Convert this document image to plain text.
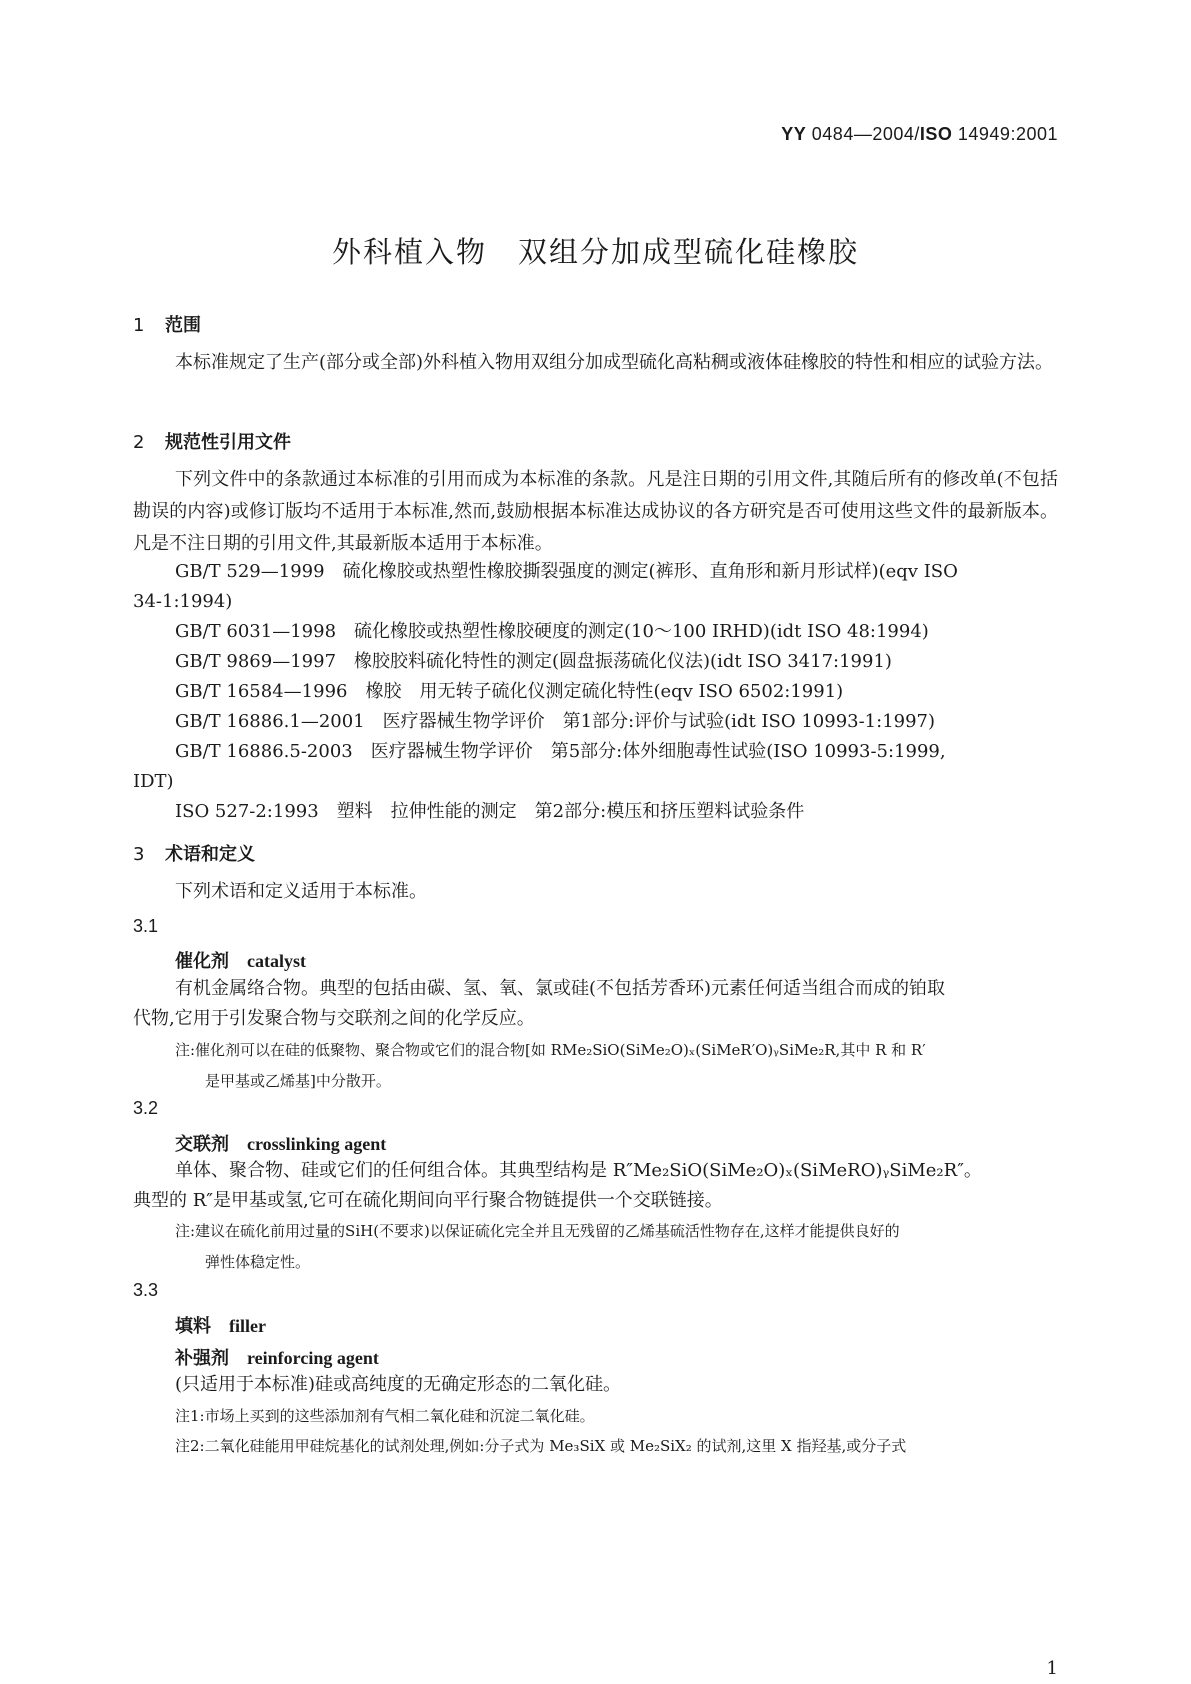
YY 0484—2004/ISO 14949:2001
外科植入物　双组分加成型硫化硅橡胶
1 范围
本标准规定了生产(部分或全部)外科植入物用双组分加成型硫化高粘稠或液体硅橡胶的特性和相应的试验方法。
2 规范性引用文件
下列文件中的条款通过本标准的引用而成为本标准的条款。凡是注日期的引用文件,其随后所有的修改单(不包括勘误的内容)或修订版均不适用于本标准,然而,鼓励根据本标准达成协议的各方研究是否可使用这些文件的最新版本。凡是不注日期的引用文件,其最新版本适用于本标准。
GB/T 529—1999　硫化橡胶或热塑性橡胶撕裂强度的测定(裤形、直角形和新月形试样)(eqv ISO
34-1:1994)
GB/T 6031—1998　硫化橡胶或热塑性橡胶硬度的测定(10～100 IRHD)(idt ISO 48:1994)
GB/T 9869—1997　橡胶胶料硫化特性的测定(圆盘振荡硫化仪法)(idt ISO 3417:1991)
GB/T 16584—1996　橡胶　用无转子硫化仪测定硫化特性(eqv ISO 6502:1991)
GB/T 16886.1—2001　医疗器械生物学评价　第1部分:评价与试验(idt ISO 10993-1:1997)
GB/T 16886.5-2003　医疗器械生物学评价　第5部分:体外细胞毒性试验(ISO 10993-5:1999,
IDT)
ISO 527-2:1993　塑料　拉伸性能的测定　第2部分:模压和挤压塑料试验条件
3 术语和定义
下列术语和定义适用于本标准。
3.1
催化剂 catalyst
有机金属络合物。典型的包括由碳、氢、氧、氯或硅(不包括芳香环)元素任何适当组合而成的铂取
代物,它用于引发聚合物与交联剂之间的化学反应。
注:催化剂可以在硅的低聚物、聚合物或它们的混合物[如 RMe₂SiO(SiMe₂O)ₓ(SiMeR′O)ᵧSiMe₂R,其中 R 和 R′
是甲基或乙烯基]中分散开。
3.2
交联剂 crosslinking agent
单体、聚合物、硅或它们的任何组合体。其典型结构是 R″Me₂SiO(SiMe₂O)ₓ(SiMeRO)ᵧSiMe₂R″。
典型的 R″是甲基或氢,它可在硫化期间向平行聚合物链提供一个交联链接。
注:建议在硫化前用过量的SiH(不要求)以保证硫化完全并且无残留的乙烯基硫活性物存在,这样才能提供良好的
弹性体稳定性。
3.3
填料 filler
补强剂 reinforcing agent
(只适用于本标准)硅或高纯度的无确定形态的二氧化硅。
注1:市场上买到的这些添加剂有气相二氧化硅和沉淀二氧化硅。
注2:二氧化硅能用甲硅烷基化的试剂处理,例如:分子式为 Me₃SiX 或 Me₂SiX₂ 的试剂,这里 X 指羟基,或分子式
1
